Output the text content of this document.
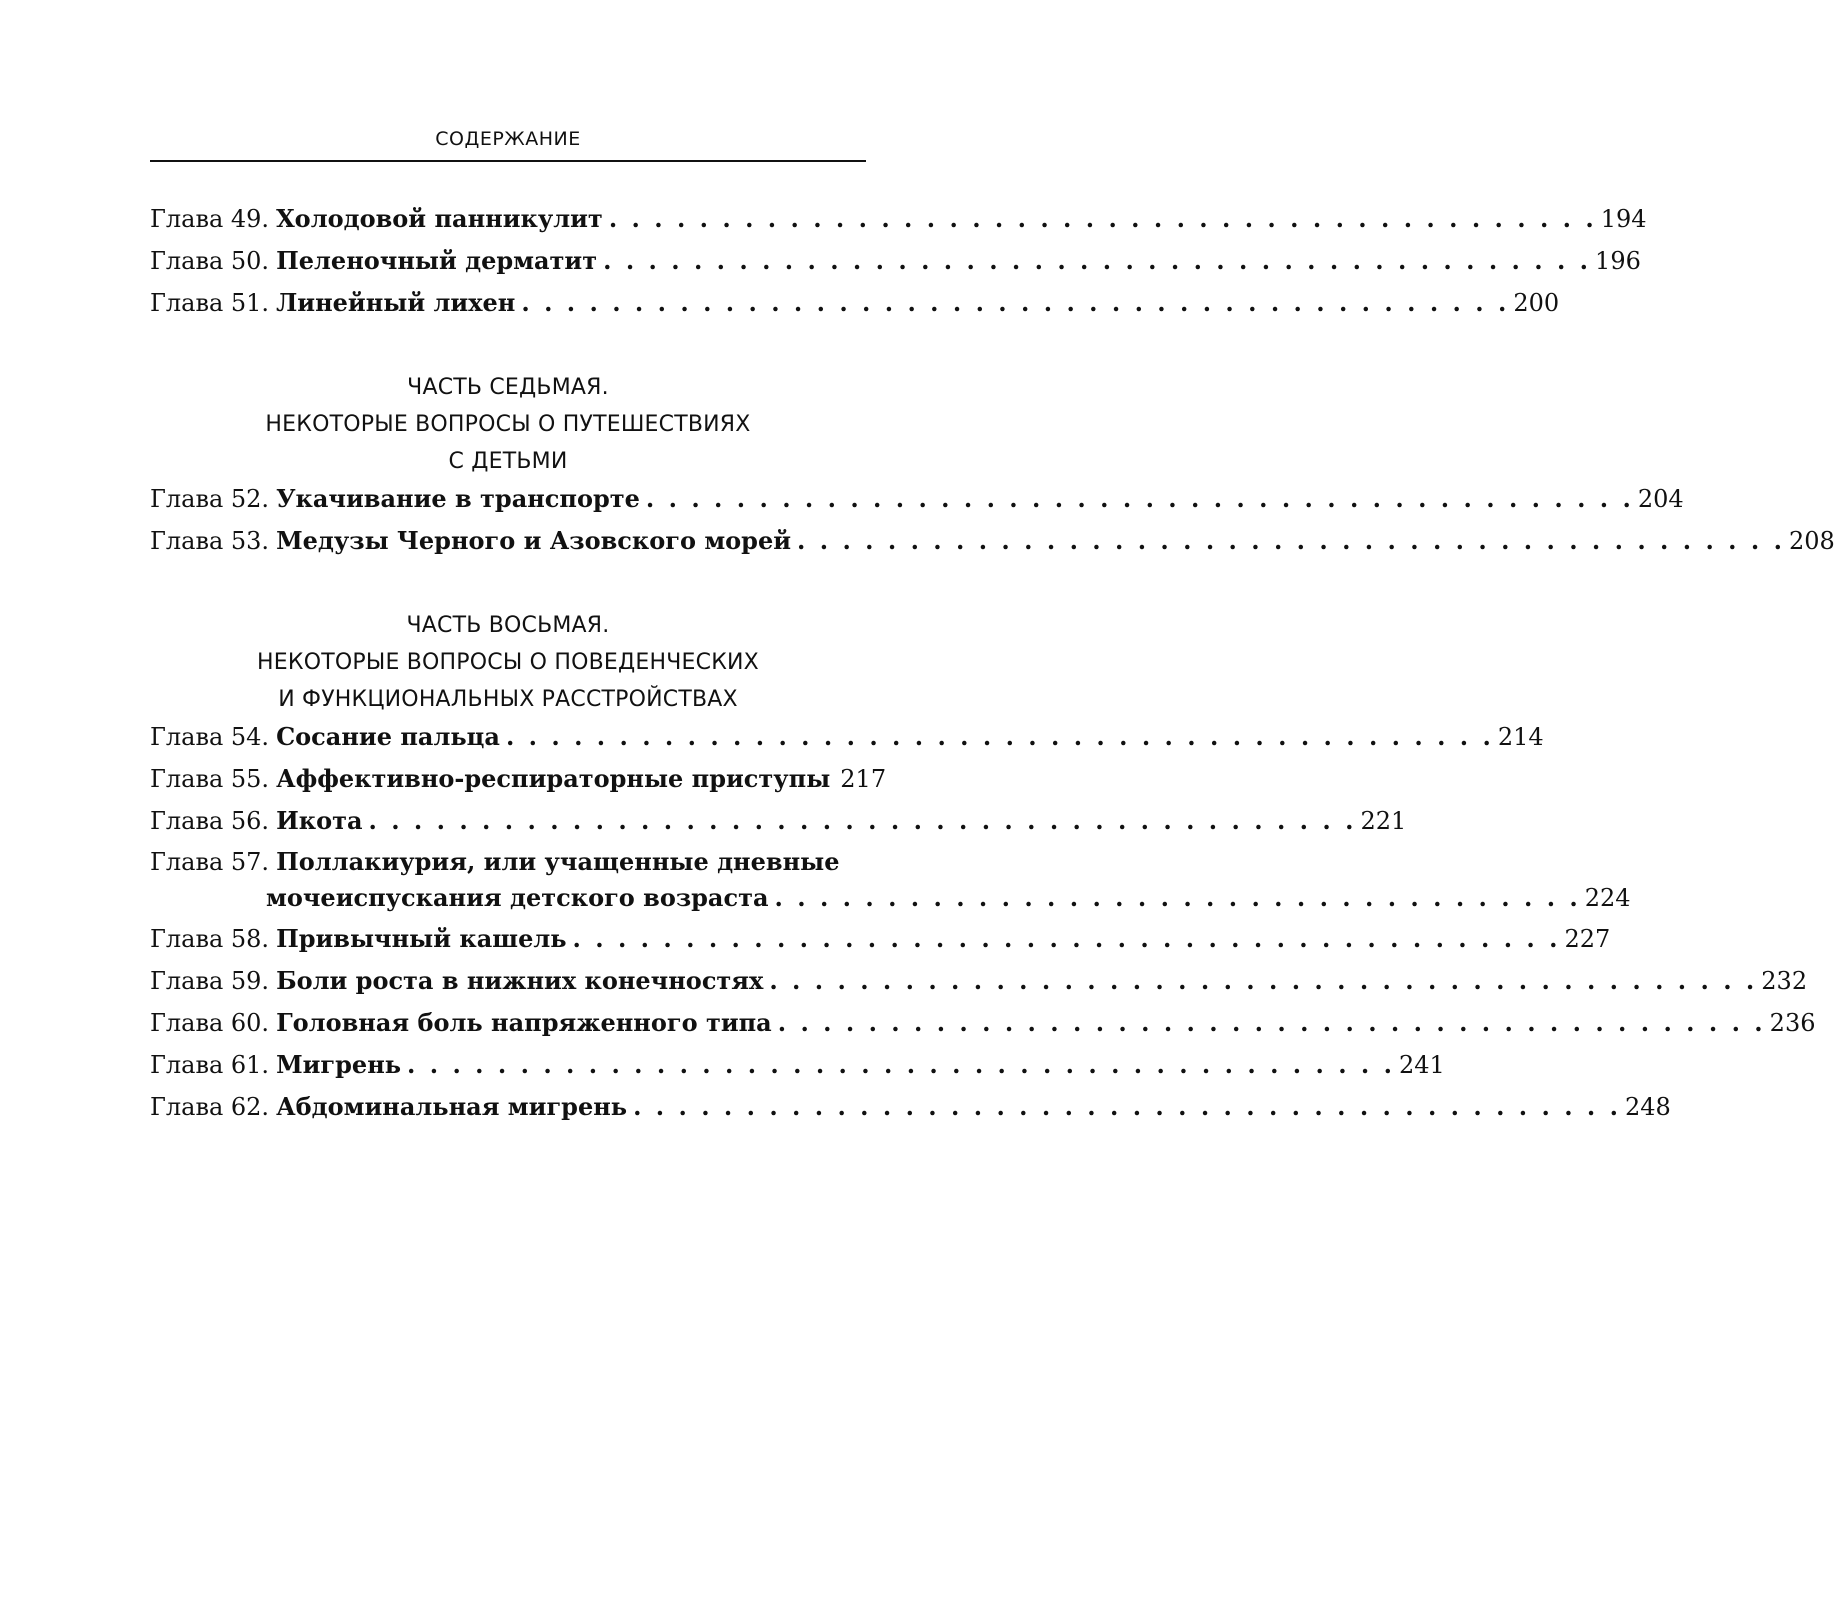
СОДЕРЖАНИЕ
Глава 49. Холодовой панникулит . . . . . . . . . . . . . . . . . . . . . . . . . . . . . . . . . . . . . . . . . . . . 194
Глава 50. Пеленочный дерматит . . . . . . . . . . . . . . . . . . . . . . . . . . . . . . . . . . . . . . . . . . . . 196
Глава 51. Линейный лихен . . . . . . . . . . . . . . . . . . . . . . . . . . . . . . . . . . . . . . . . . . . . 200
ЧАСТЬ СЕДЬМАЯ.
НЕКОТОРЫЕ ВОПРОСЫ О ПУТЕШЕСТВИЯХ
С ДЕТЬМИ
Глава 52. Укачивание в транспорте . . . . . . . . . . . . . . . . . . . . . . . . . . . . . . . . . . . . . . . . . . . . 204
Глава 53. Медузы Черного и Азовского морей . . . . . . . . . . . . . . . . . . . . . . . . . . . . . . . . . . . . . . . . . . . . 208
ЧАСТЬ ВОСЬМАЯ.
НЕКОТОРЫЕ ВОПРОСЫ О ПОВЕДЕНЧЕСКИХ
И ФУНКЦИОНАЛЬНЫХ РАССТРОЙСТВАХ
Глава 54. Сосание пальца . . . . . . . . . . . . . . . . . . . . . . . . . . . . . . . . . . . . . . . . . . . . 214
Глава 55. Аффективно-респираторные приступы 217
Глава 56. Икота . . . . . . . . . . . . . . . . . . . . . . . . . . . . . . . . . . . . . . . . . . . . 221
Глава 57. Поллакиурия, или учащенные дневные
мочеиспускания детского возраста . . . . . . . . . . . . . . . . . . . . . . . . . . . . . . . . . . . . 224
Глава 58. Привычный кашель . . . . . . . . . . . . . . . . . . . . . . . . . . . . . . . . . . . . . . . . . . . . 227
Глава 59. Боли роста в нижних конечностях . . . . . . . . . . . . . . . . . . . . . . . . . . . . . . . . . . . . . . . . . . . . 232
Глава 60. Головная боль напряженного типа . . . . . . . . . . . . . . . . . . . . . . . . . . . . . . . . . . . . . . . . . . . . 236
Глава 61. Мигрень . . . . . . . . . . . . . . . . . . . . . . . . . . . . . . . . . . . . . . . . . . . . 241
Глава 62. Абдоминальная мигрень . . . . . . . . . . . . . . . . . . . . . . . . . . . . . . . . . . . . . . . . . . . . 248
